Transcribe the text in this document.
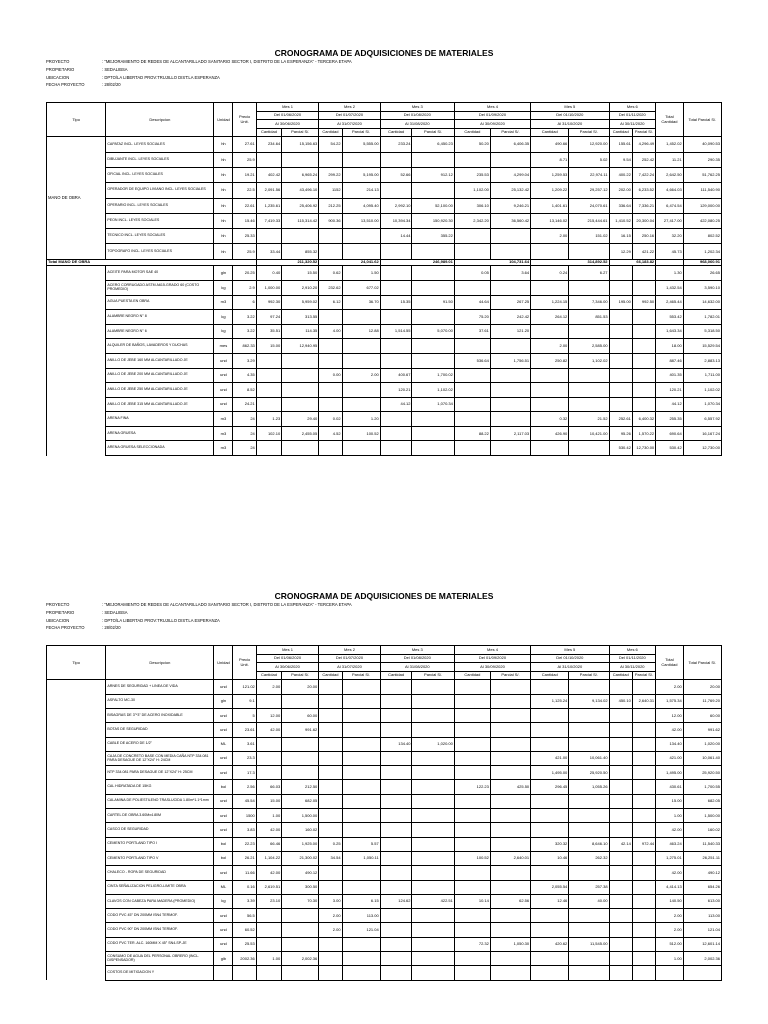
CRONOGRAMA DE ADQUISICIONES DE MATERIALES
PROYECTO	: "MEJORAMIENTO DE REDES DE ALCANTARILLADO SANITARIO SECTOR I, DISTRITO DE LA ESPERANZA" - TERCERA ETAPA
PROPIETARIO	: SEDALIBSA
UBICACION	: DPTO/LA LIBERTAD PROV:TRUJILLO DIST:LA ESPERANZA
FECHA PROYECTO	: 28/02/20
Tipo	Descripcion	Unidad	Precio Unit.	Mes 1		Mes 2		Mes 3		Mes 4		Mes 5		Mes 6		Total Cantidad	Total Parcial S/.
				Del 01/06/2020		Del 01/07/2020		Del 01/08/2020		Del 01/09/2020		Del 01/10/2020		Del 01/11/2020			
				Al 30/06/2020		Al 31/07/2020		Al 31/08/2020		Al 30/09/2020		Al 31/10/2020		Al 30/11/2020			
				Cantidad	Parcial S/.	Cantidad	Parcial S/.	Cantidad	Parcial S/.	Cantidad	Parcial S/.	Cantidad	Parcial S/.	Cantidad	Parcial S/.		
MANO DE OBRA	CAPATAZ INCL. LEYES SOCIALES	hh	27.61	234.64	15,156.63	54.22	5,555.00	233.24	6,450.23	50.20	6,406.35	490.66	12,920.00	155.61	4,296.49	1,452.02	40,090.53
	DIBUJANTE INCL. LEYES SOCIALES	hh	25.9									8.71	5.02	9.54	252.42	11.21	290.35
	OFICIAL INCL. LEYES SOCIALES	hh	19.21	402.42	6,965.24	299.22	5,195.00	52.66	912.12	235.53	4,299.04	1,259.53	22,974.11	400.22	7,422.24	2,642.50	51,762.25
	OPERADOR DE EQUIPO LIVIANO INCL. LEYES SOCIALES	hh	22.5	2,091.56	43,496.10	1152	214.13			1,102.00	25,132.42	1,209.22	29,257.12	202.00	6,233.52	4,664.03	111,540.90
	OPERARIO INCL. LEYES SOCIALES	hh	22.61	1,235.61	25,406.92	212.25	4,095.40	2,992.10	52,100.00	306.10	9,246.21	1,401.61	24,070.61	336.64	7,336.21	6,474.54	129,000.00
	PEON INCL. LEYES SOCIALES	hh	15.46	7,419.33	115,314.42	900.36	13,510.00	10,394.34	150,920.30	2,342.20	36,560.42	13,146.02	215,444.61	1,410.52	20,300.04	27,417.00	422,080.25
	TECNICO INCL. LEYES SOCIALES	hh	25.33					14.44	355.22			2.00	151.02	16.15	250.16	32.20	802.52
	TOPOGRAFO INCL. LEYES SOCIALES	hh	25.9	33.44	855.32									12.29	421.22	45.73	1,202.34
Total MANO DE OBRA				211,320.52		24,041.62		246,989.01		104,731.64		314,892.52		66,183.82			968,060.91
	ACEITE PARA MOTOR SAE 40	gln	20.25	0.40	15.50	0.62	1.50			0.05	3.64	0.24	6.27			1.30	26.65
	ACERO CORRUGADO ASTM A615-GRADO 60 (COSTO PROMEDIO)	kg	2.9	1,000.00	2,910.20	232.62	677.02									1,432.54	3,590.10
	AGUA PUESTA EN OBRA	m3	6	992.30	5,959.02	6.12	36.70	15.35	91.50	44.64	267.25	1,224.15	7,346.00	195.00	992.50	2,465.44	14,632.00
	ALAMBRE NEGRO N° 8	kg	3.22	97.24	313.55					75.20	242.42	264.12	851.53			553.42	1,782.01
	ALAMBRE NEGRO N° 6	kg	3.22	35.51	114.35	4.00	12.88	1,514.55	5,070.00	37.61	121.20					1,643.34	5,318.50
	ALQUILER DE BAÑOS, LAVADEROS Y DUCHAS	mes	862.33	15.00	12,940.95							2.00	2,585.00			18.00	15,529.54
	ANILLO DE JEBE 160 MM ALCANTARILLADO JE	und	3.29							536.64	1,756.51	250.82	1,102.02			887.46	2,883.13
	ANILLO DE JEBE 200 MM ALCANTARILLADO JE	und	4.35			0.00	2.00	400.67	1,700.02							401.35	1,711.00
	ANILLO DE JEBE 250 MM ALCANTARILLADO JE	und	8.52					120.21	1,102.02							120.21	1,102.02
	ANILLO DE JEBE 315 MM ALCANTARILLADO JE	und	24.21					44.12	1,070.34							44.12	1,070.34
	ARENA FINA	m3	24	1.23	29.40	0.02	1.20					0.32	21.52	252.61	6,400.32	255.35	6,557.92
	ARENA GRUESA	m3	24	102.10	2,455.05	4.52	100.52			88.22	2,117.03	426.90	10,421.00	95.26	1,570.22	690.64	16,167.24
	ARENA GRUESA SELECCIONADA	m3	24											530.42	12,730.00	530.42	12,730.00
CRONOGRAMA DE ADQUISICIONES DE MATERIALES
PROYECTO	: "MEJORAMIENTO DE REDES DE ALCANTARILLADO SANITARIO SECTOR I, DISTRITO DE LA ESPERANZA" - TERCERA ETAPA
PROPIETARIO	: SEDALIBSA
UBICACION	: DPTO/LA LIBERTAD PROV:TRUJILLO DIST:LA ESPERANZA
FECHA PROYECTO	: 28/02/20
Tipo	Descripcion	Unidad	Precio Unit.	Mes 1		Mes 2		Mes 3		Mes 4		Mes 5		Mes 6		Total Cantidad	Total Parcial S/.
				Del 01/06/2020		Del 01/07/2020		Del 01/08/2020		Del 01/09/2020		Del 01/10/2020		Del 01/11/2020			
				Al 30/06/2020		Al 31/07/2020		Al 31/08/2020		Al 30/09/2020		Al 31/10/2020		Al 30/11/2020			
				Cantidad	Parcial S/.	Cantidad	Parcial S/.	Cantidad	Parcial S/.	Cantidad	Parcial S/.	Cantidad	Parcial S/.	Cantidad	Parcial S/.		
	ARNES DE SEGURIDAD + LINEA DE VIDA	und	121.02	2.00	20.00											2.00	20.00
	ASFALTO MC-30	gln	9.1									1,125.24	9,134.02	450.10	2,640.31	1,575.34	11,769.20
	BISAGRAS DE 3"*3" DE ACERO INOXIDABLE	und	5	12.00	60.00											12.00	60.00
	BOTAS DE SEGURIDAD	und	23.61	42.00	991.62											42.00	991.62
	CABLE DE ACERO DE 1/2"	ML	3.61					134.40	1,020.00							134.40	1,020.00
	CAJA DE CONCRETO BASE CON MEDIA CAÑA NTP 334.081 PARA DESAGUE DE 12"X24" H: 24CM	und	23.3									421.00	10,061.40			421.00	10,061.40
	NTP 334.081 PARA DESAGUE DE 12"X24" H: 25CM	und	17.3									1,495.00	25,920.50			1,495.00	25,920.50
	CAL HIDRATADA DE 15KG	bol	2.56	66.03	212.50					122.23	425.50	296.45	1,055.26			430.61	1,700.55
	CALAMINA DE POLIESTILENO TRASLUCIDA 1.80m*1.1*1mm	und	45.54	15.00	682.05											15.00	682.05
	CARTEL DE OBRA 3.60Mx4.80M	und	1500	1.00	1,500.00											1.00	1,500.00
	CASCO DE SEGURIDAD	und	3.83	42.00	160.02											42.00	160.02
	CEMENTO PORTLAND TIPO I	bol	22.23	66.46	1,925.00	0.25	5.57					320.32	8,646.10	42.14	972.44	463.24	11,540.33
	CEMENTO PORTLAND TIPO V	bol	26.21	1,104.22	21,300.02	34.54	1,050.11			100.52	2,640.01	10.46	262.32			1,275.01	26,251.11
	CHALECO - ROPA DE SEGURIDAD	und	11.66	42.00	490.12											42.00	490.12
	CINTA SEÑALIZACION PELIGRO-LIMITE OBRA	ML	0.16	2,619.51	300.50							2,055.54	257.38			4,414.13	654.26
	CLAVOS CON CABEZA PARA MADERA (PROMEDIO)	kg	3.39	23.10	70.30	3.00	6.15	124.62	422.51	10.14	62.56	12.46	40.00			140.50	613.00
	CODO PVC 45° DN 200MM ISN4 TERMOF.	und	56.5			2.00	113.00									2.00	113.00
	CODO PVC 90° DN 200MM ISN4 TERMOF.	und	60.52			2.00	121.04									2.00	121.04
	CODO PVC TER. ALC. 160MM X 45° SN4-SP-JE	und	25.53							72.32	1,050.30	420.62	11,545.00			512.00	12,601.14
	CONSUMO DE AGUA DEL PERSONAL OBRERO (INCL. DISPENSADOR)	glb	2002.36	1.00	2,002.36											1.00	2,002.36
	COSTOS DE MITIGACION Y																
